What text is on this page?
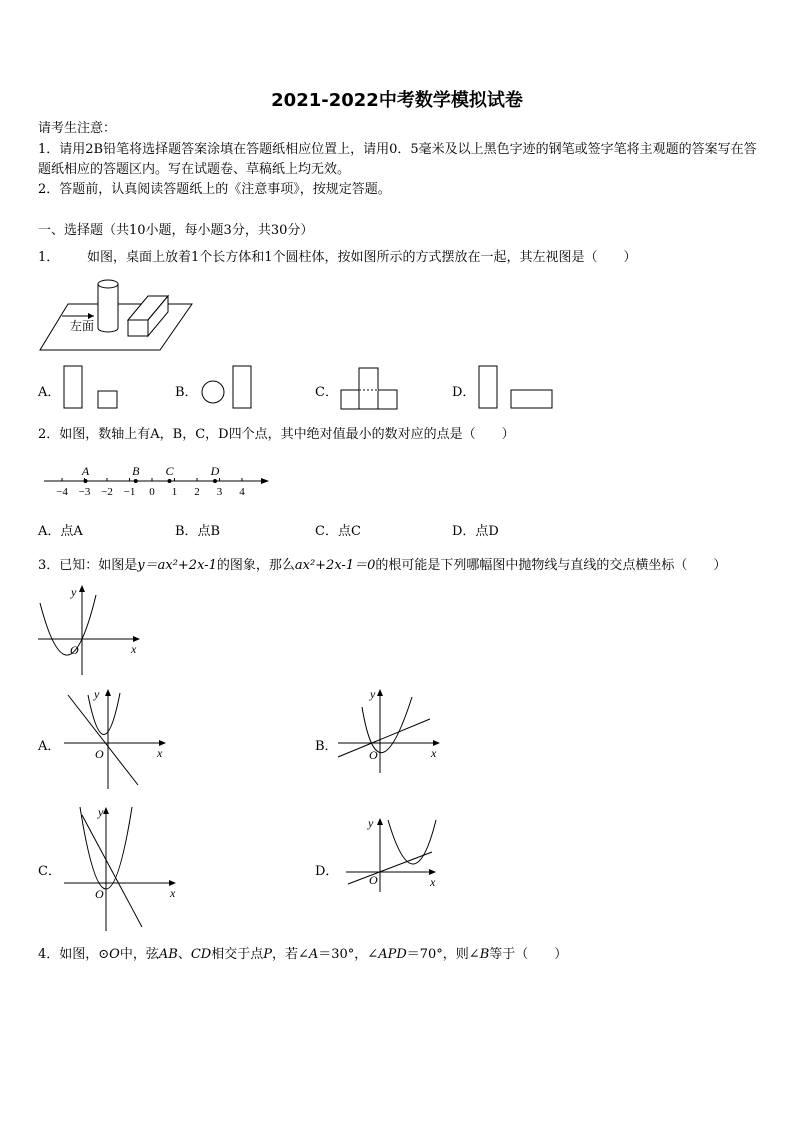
2021-2022中考数学模拟试卷
请考生注意：
1．请用2B铅笔将选择题答案涂填在答题纸相应位置上，请用0．5毫米及以上黑色字迹的钢笔或签字笔将主观题的答案写在答题纸相应的答题区内。写在试题卷、草稿纸上均无效。
2．答题前，认真阅读答题纸上的《注意事项》，按规定答题。
一、选择题（共10小题，每小题3分，共30分）
1． 如图，桌面上放着1个长方体和1个圆柱体，按如图所示的方式摆放在一起，其左视图是（　　）
左面
A．	B．	C．	D．
2．如图，数轴上有A，B，C，D四个点，其中绝对值最小的数对应的点是（　　）
−4 −3 −2 −1 0 1 2 3 4
A	B C	D
A．点A	B．点B	C．点C	D．点D
3．已知：如图是y＝ax²+2x-1的图象，那么ax²+2x-1＝0的根可能是下列哪幅图中抛物线与直线的交点横坐标（　　）
y
x
O
A．
y
x
O	B．
y
x
O
C．
y
x
O
D．
y
x
O
4．如图，⊙O中，弦AB、CD相交于点P，若∠A＝30°，∠APD＝70°，则∠B等于（　　）
